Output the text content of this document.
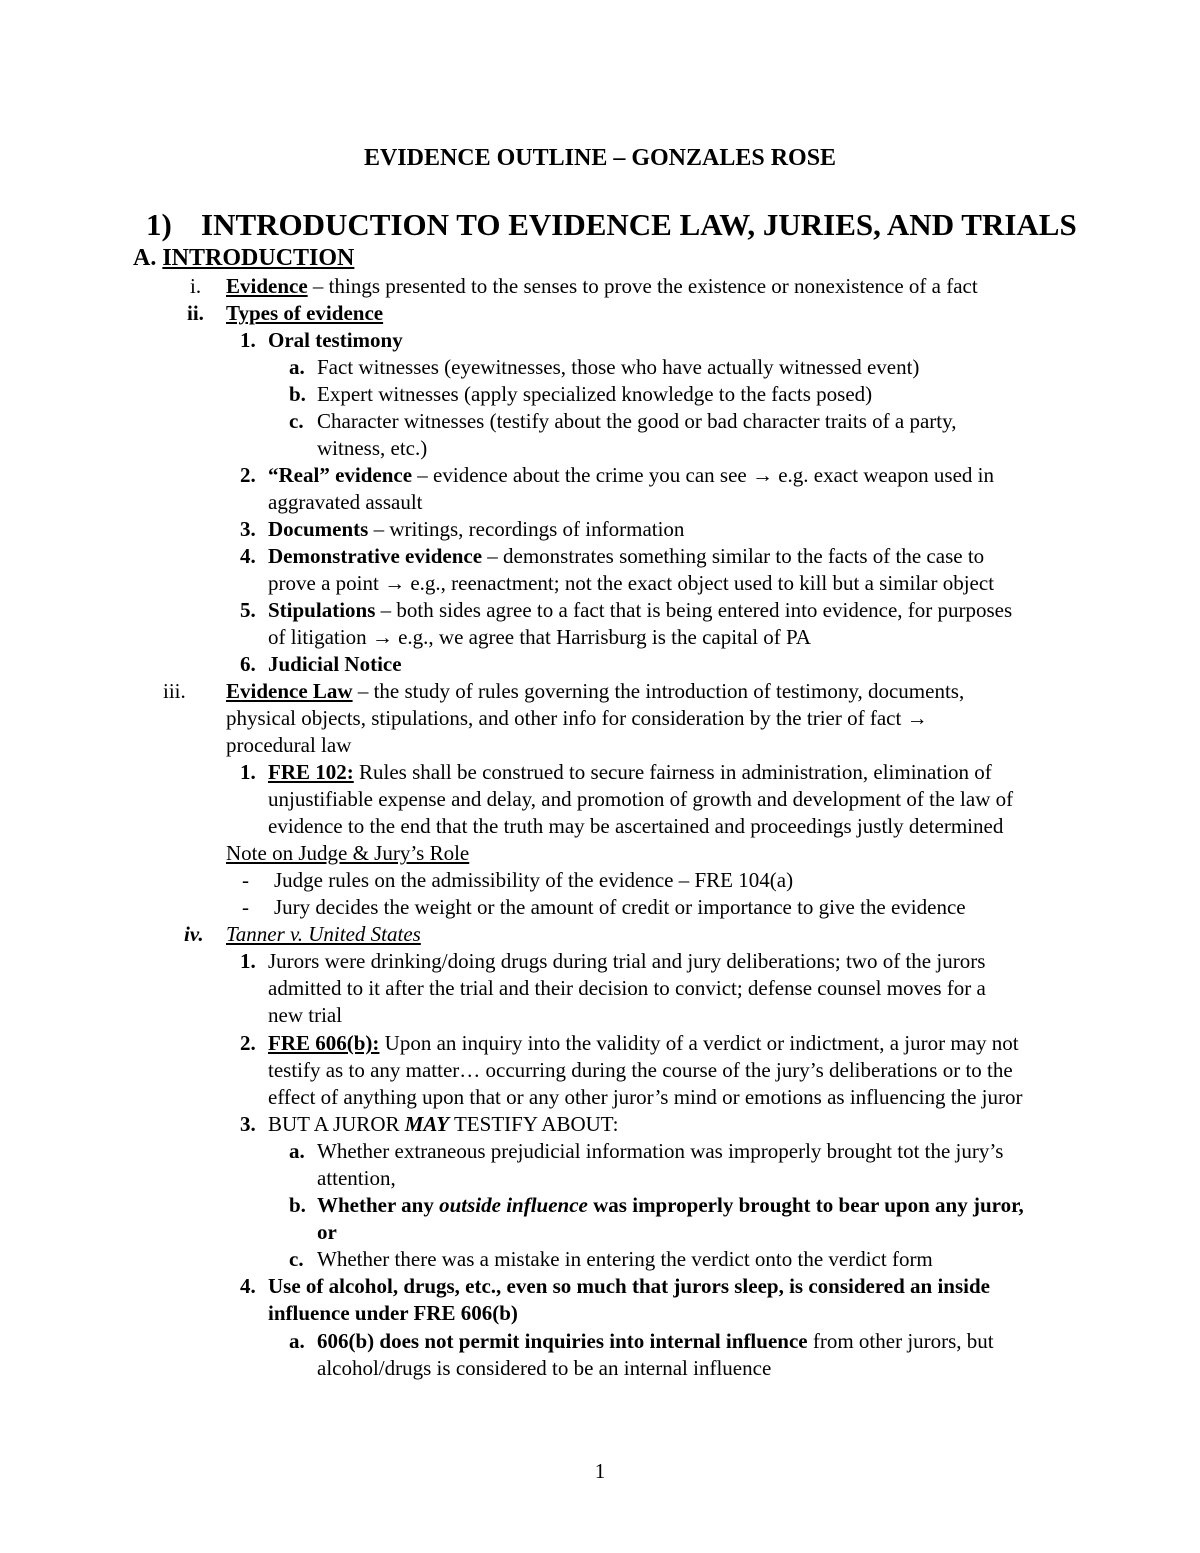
EVIDENCE OUTLINE – GONZALES ROSE
1) INTRODUCTION TO EVIDENCE LAW, JURIES, AND TRIALS
A. INTRODUCTION
i. Evidence – things presented to the senses to prove the existence or nonexistence of a fact
ii. Types of evidence
1. Oral testimony
a. Fact witnesses (eyewitnesses, those who have actually witnessed event)
b. Expert witnesses (apply specialized knowledge to the facts posed)
c. Character witnesses (testify about the good or bad character traits of a party,
witness, etc.)
2. “Real” evidence – evidence about the crime you can see → e.g. exact weapon used in
aggravated assault
3. Documents – writings, recordings of information
4. Demonstrative evidence – demonstrates something similar to the facts of the case to
prove a point → e.g., reenactment; not the exact object used to kill but a similar object
5. Stipulations – both sides agree to a fact that is being entered into evidence, for purposes
of litigation → e.g., we agree that Harrisburg is the capital of PA
6. Judicial Notice
iii. Evidence Law – the study of rules governing the introduction of testimony, documents,
physical objects, stipulations, and other info for consideration by the trier of fact →
procedural law
1. FRE 102: Rules shall be construed to secure fairness in administration, elimination of
unjustifiable expense and delay, and promotion of growth and development of the law of
evidence to the end that the truth may be ascertained and proceedings justly determined
Note on Judge & Jury’s Role
- Judge rules on the admissibility of the evidence – FRE 104(a)
- Jury decides the weight or the amount of credit or importance to give the evidence
iv. Tanner v. United States
1. Jurors were drinking/doing drugs during trial and jury deliberations; two of the jurors
admitted to it after the trial and their decision to convict; defense counsel moves for a
new trial
2. FRE 606(b): Upon an inquiry into the validity of a verdict or indictment, a juror may not
testify as to any matter… occurring during the course of the jury’s deliberations or to the
effect of anything upon that or any other juror’s mind or emotions as influencing the juror
3. BUT A JUROR MAY TESTIFY ABOUT:
a. Whether extraneous prejudicial information was improperly brought tot the jury’s
attention,
b. Whether any outside influence was improperly brought to bear upon any juror,
or
c. Whether there was a mistake in entering the verdict onto the verdict form
4. Use of alcohol, drugs, etc., even so much that jurors sleep, is considered an inside
influence under FRE 606(b)
a. 606(b) does not permit inquiries into internal influence from other jurors, but
alcohol/drugs is considered to be an internal influence
1
